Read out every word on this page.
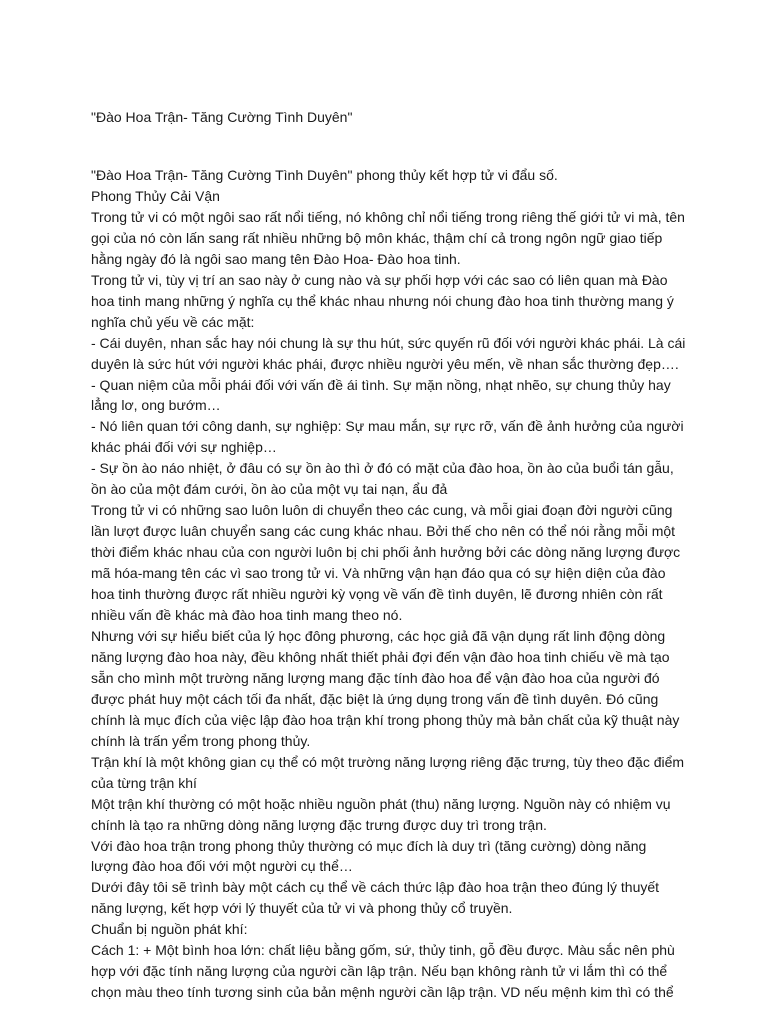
"Đào Hoa Trận- Tăng Cường Tình Duyên"

"Đào Hoa Trận- Tăng Cường Tình Duyên" phong thủy kết hợp tử vi đẩu số.
Phong Thủy Cải Vận
Trong tử vi có một ngôi sao rất nổi tiếng, nó không chỉ nổi tiếng trong riêng thế giới tử vi mà, tên
gọi của nó còn lấn sang rất nhiều những bộ môn khác, thậm chí cả trong ngôn ngữ giao tiếp
hằng ngày đó là ngôi sao mang tên Đào Hoa- Đào hoa tinh.
Trong tử vi, tùy vị trí an sao này ở cung nào và sự phối hợp với các sao có liên quan mà Đào
hoa tinh mang những ý nghĩa cụ thể khác nhau nhưng nói chung đào hoa tinh thường mang ý
nghĩa chủ yếu về các mặt:
- Cái duyên, nhan sắc hay nói chung là sự thu hút, sức quyến rũ đối với người khác phái. Là cái
duyên là sức hút với người khác phái, được nhiều người yêu mến, về nhan sắc thường đẹp….
- Quan niệm của mỗi phái đối với vấn đề ái tình. Sự mặn nồng, nhạt nhẽo, sự chung thủy hay
lẳng lơ, ong bướm…
- Nó liên quan tới công danh, sự nghiệp: Sự mau mắn, sự rực rỡ, vấn đề ảnh hưởng của người
khác phái đối với sự nghiệp…
- Sự ồn ào náo nhiệt, ở đâu có sự ồn ào thì ở đó có mặt của đào hoa, ồn ào của buổi tán gẫu,
ồn ào của một đám cưới, ồn ào của một vụ tai nạn, ẩu đả
Trong tử vi có những sao luôn luôn di chuyển theo các cung, và mỗi giai đoạn đời người cũng
lần lượt được luân chuyển sang các cung khác nhau. Bởi thế cho nên có thể nói rằng mỗi một
thời điểm khác nhau của con người luôn bị chi phối ảnh hưởng bởi các dòng năng lượng được
mã hóa-mang tên các vì sao trong tử vi. Và những vận hạn đáo qua có sự hiện diện của đào
hoa tinh thường được rất nhiều người kỳ vọng về vấn đề tình duyên, lẽ đương nhiên còn rất
nhiều vấn đề khác mà đào hoa tinh mang theo nó.
Nhưng với sự hiểu biết của lý học đông phương, các học giả đã vận dụng rất linh động dòng
năng lượng đào hoa này, đều không nhất thiết phải đợi đến vận đào hoa tinh chiếu về mà tạo
sẵn cho mình một trường năng lượng mang đặc tính đào hoa để vận đào hoa của người đó
được phát huy một cách tối đa nhất, đặc biệt là ứng dụng trong vấn đề tình duyên. Đó cũng
chính là mục đích của việc lập đào hoa trận khí trong phong thủy mà bản chất của kỹ thuật này
chính là trấn yểm trong phong thủy.
Trận khí là một không gian cụ thể có một trường năng lượng riêng đặc trưng, tùy theo đặc điểm
của từng trận khí
Một trận khí thường có một hoặc nhiều nguồn phát (thu) năng lượng. Nguồn này có nhiệm vụ
chính là tạo ra những dòng năng lượng đặc trưng được duy trì trong trận.
Với đào hoa trận trong phong thủy thường có mục đích là duy trì (tăng cường) dòng năng
lượng đào hoa đối với một người cụ thể…
Dưới đây tôi sẽ trình bày một cách cụ thể về cách thức lập đào hoa trận theo đúng lý thuyết
năng lượng, kết hợp với lý thuyết của tử vi và phong thủy cổ truyền.
Chuẩn bị nguồn phát khí:
Cách 1: + Một bình hoa lớn: chất liệu bằng gốm, sứ, thủy tinh, gỗ đều được. Màu sắc nên phù
hợp với đặc tính năng lượng của người cần lập trận. Nếu bạn không rành tử vi lắm thì có thể
chọn màu theo tính tương sinh của bản mệnh người cần lập trận. VD nếu mệnh kim thì có thể
